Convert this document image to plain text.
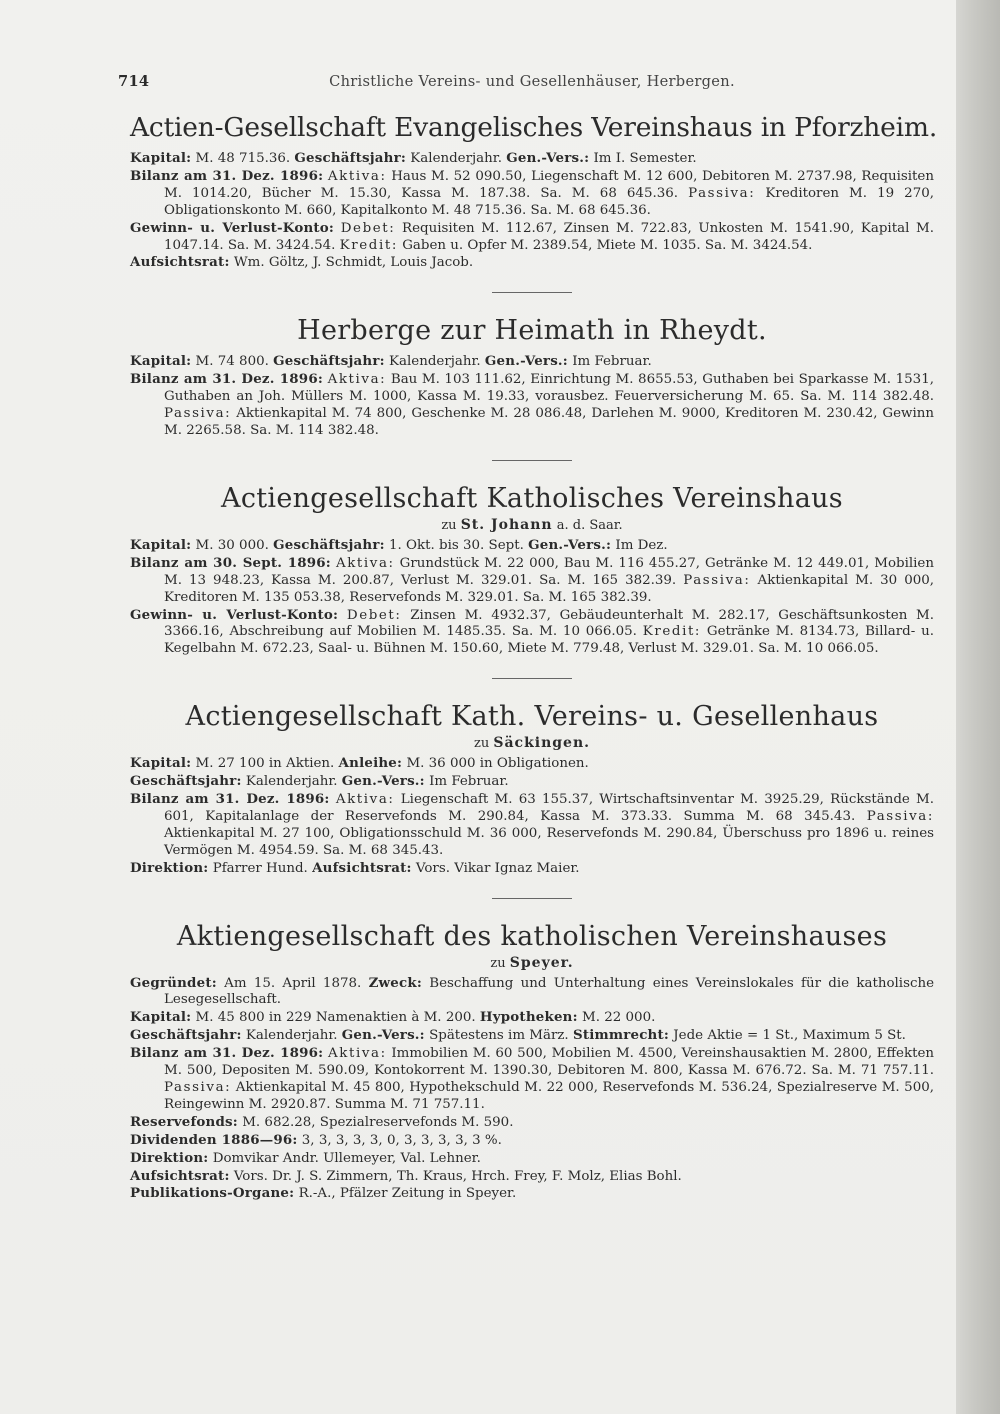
714	Christliche Vereins- und Gesellenhäuser, Herbergen.
Actien-Gesellschaft Evangelisches Vereinshaus in Pforzheim.

Kapital: M. 48 715.36. Geschäftsjahr: Kalenderjahr. Gen.-Vers.: Im I. Semester.

Bilanz am 31. Dez. 1896: Aktiva: Haus M. 52 090.50, Liegenschaft M. 12 600, Debitoren M. 2737.98, Requisiten M. 1014.20, Bücher M. 15.30, Kassa M. 187.38. Sa. M. 68 645.36. Passiva: Kreditoren M. 19 270, Obligationskonto M. 660, Kapitalkonto M. 48 715.36. Sa. M. 68 645.36.

Gewinn- u. Verlust-Konto: Debet: Requisiten M. 112.67, Zinsen M. 722.83, Unkosten M. 1541.90, Kapital M. 1047.14. Sa. M. 3424.54. Kredit: Gaben u. Opfer M. 2389.54, Miete M. 1035. Sa. M. 3424.54.

Aufsichtsrat: Wm. Göltz, J. Schmidt, Louis Jacob.

Herberge zur Heimath in Rheydt.

Kapital: M. 74 800. Geschäftsjahr: Kalenderjahr. Gen.-Vers.: Im Februar.

Bilanz am 31. Dez. 1896: Aktiva: Bau M. 103 111.62, Einrichtung M. 8655.53, Guthaben bei Sparkasse M. 1531, Guthaben an Joh. Müllers M. 1000, Kassa M. 19.33, vorausbez. Feuerversicherung M. 65. Sa. M. 114 382.48. Passiva: Aktienkapital M. 74 800, Geschenke M. 28 086.48, Darlehen M. 9000, Kreditoren M. 230.42, Gewinn M. 2265.58. Sa. M. 114 382.48.

Actiengesellschaft Katholisches Vereinshaus
zu St. Johann a. d. Saar.

Kapital: M. 30 000. Geschäftsjahr: 1. Okt. bis 30. Sept. Gen.-Vers.: Im Dez.

Bilanz am 30. Sept. 1896: Aktiva: Grundstück M. 22 000, Bau M. 116 455.27, Getränke M. 12 449.01, Mobilien M. 13 948.23, Kassa M. 200.87, Verlust M. 329.01. Sa. M. 165 382.39. Passiva: Aktienkapital M. 30 000, Kreditoren M. 135 053.38, Reservefonds M. 329.01. Sa. M. 165 382.39.

Gewinn- u. Verlust-Konto: Debet: Zinsen M. 4932.37, Gebäudeunterhalt M. 282.17, Geschäftsunkosten M. 3366.16, Abschreibung auf Mobilien M. 1485.35. Sa. M. 10 066.05. Kredit: Getränke M. 8134.73, Billard- u. Kegelbahn M. 672.23, Saal- u. Bühnen M. 150.60, Miete M. 779.48, Verlust M. 329.01. Sa. M. 10 066.05.

Actiengesellschaft Kath. Vereins- u. Gesellenhaus
zu Säckingen.

Kapital: M. 27 100 in Aktien. Anleihe: M. 36 000 in Obligationen.

Geschäftsjahr: Kalenderjahr. Gen.-Vers.: Im Februar.

Bilanz am 31. Dez. 1896: Aktiva: Liegenschaft M. 63 155.37, Wirtschaftsinventar M. 3925.29, Rückstände M. 601, Kapitalanlage der Reservefonds M. 290.84, Kassa M. 373.33. Summa M. 68 345.43. Passiva: Aktienkapital M. 27 100, Obligationsschuld M. 36 000, Reservefonds M. 290.84, Überschuss pro 1896 u. reines Vermögen M. 4954.59. Sa. M. 68 345.43.

Direktion: Pfarrer Hund. Aufsichtsrat: Vors. Vikar Ignaz Maier.

Aktiengesellschaft des katholischen Vereinshauses
zu Speyer.

Gegründet: Am 15. April 1878. Zweck: Beschaffung und Unterhaltung eines Vereinslokales für die katholische Lesegesellschaft.

Kapital: M. 45 800 in 229 Namenaktien à M. 200. Hypotheken: M. 22 000.

Geschäftsjahr: Kalenderjahr. Gen.-Vers.: Spätestens im März. Stimmrecht: Jede Aktie = 1 St., Maximum 5 St.

Bilanz am 31. Dez. 1896: Aktiva: Immobilien M. 60 500, Mobilien M. 4500, Vereinshausaktien M. 2800, Effekten M. 500, Depositen M. 590.09, Kontokorrent M. 1390.30, Debitoren M. 800, Kassa M. 676.72. Sa. M. 71 757.11. Passiva: Aktienkapital M. 45 800, Hypothekschuld M. 22 000, Reservefonds M. 536.24, Spezialreserve M. 500, Reingewinn M. 2920.87. Summa M. 71 757.11.

Reservefonds: M. 682.28, Spezialreservefonds M. 590.

Dividenden 1886—96: 3, 3, 3, 3, 3, 0, 3, 3, 3, 3, 3 %.

Direktion: Domvikar Andr. Ullemeyer, Val. Lehner.

Aufsichtsrat: Vors. Dr. J. S. Zimmern, Th. Kraus, Hrch. Frey, F. Molz, Elias Bohl.

Publikations-Organe: R.-A., Pfälzer Zeitung in Speyer.
